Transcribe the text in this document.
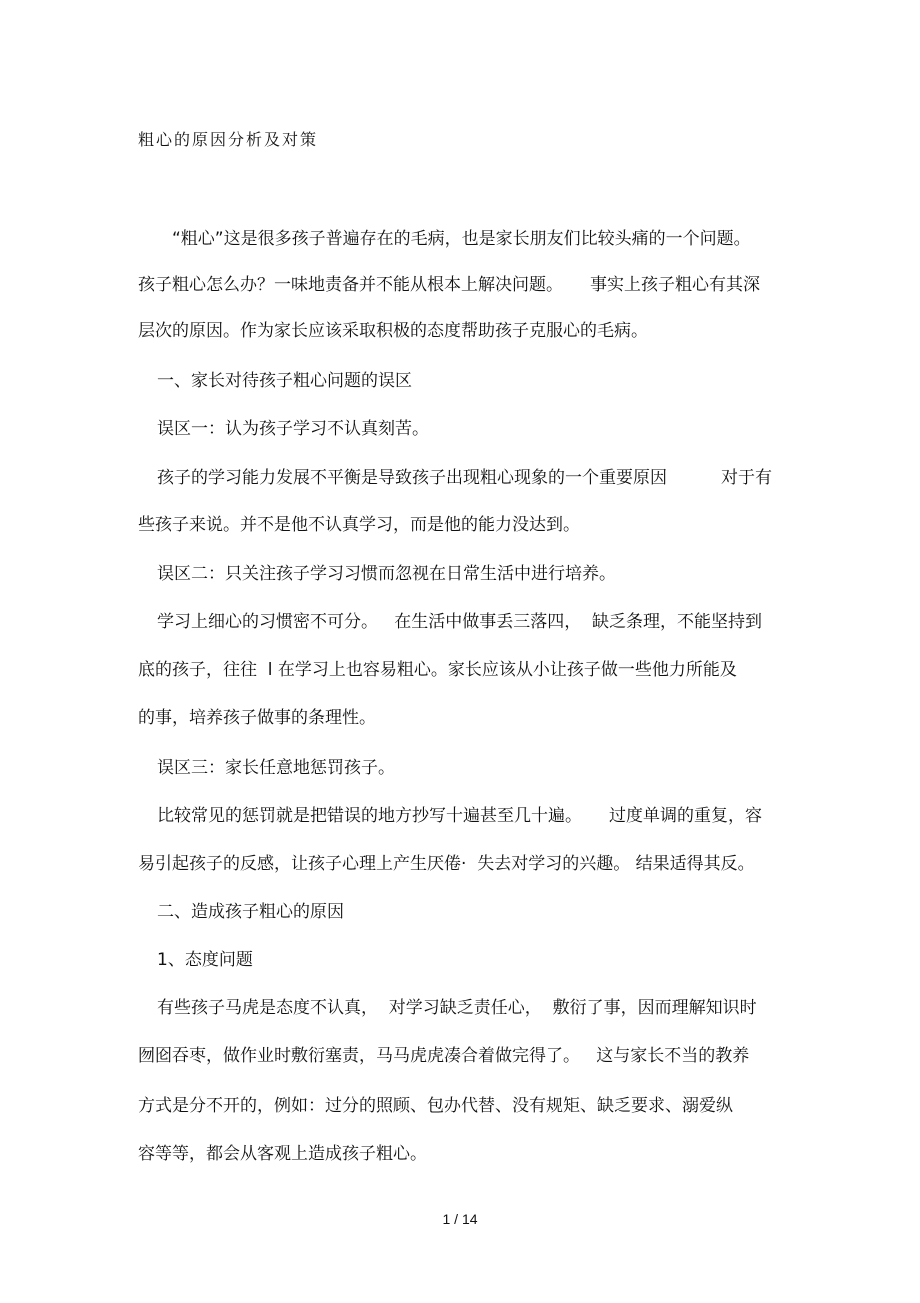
粗心的原因分析及对策
“粗心”这是很多孩子普遍存在的毛病，也是家长朋友们比较头痛的一个问题。
孩子粗心怎么办？一味地责备并不能从根本上解决问题。     事实上孩子粗心有其深
层次的原因。作为家长应该采取积极的态度帮助孩子克服心的毛病。
一、家长对待孩子粗心问题的误区
误区一：认为孩子学习不认真刻苦。
孩子的学习能力发展不平衡是导致孩子出现粗心现象的一个重要原因          对于有
些孩子来说。并不是他不认真学习，而是他的能力没达到。
误区二：只关注孩子学习习惯而忽视在日常生活中进行培养。
学习上细心的习惯密不可分。   在生活中做事丢三落四，  缺乏条理，不能坚持到
底的孩子，往往  l 在学习上也容易粗心。家长应该从小让孩子做一些他力所能及
的事，培养孩子做事的条理性。
误区三：家长任意地惩罚孩子。
比较常见的惩罚就是把错误的地方抄写十遍甚至几十遍。     过度单调的重复，容
易引起孩子的反感，让孩子心理上产生厌倦·  失去对学习的兴趣。 结果适得其反。
二、造成孩子粗心的原因
1、态度问题
有些孩子马虎是态度不认真，  对学习缺乏责任心，  敷衍了事，因而理解知识时
囫囵吞枣，做作业时敷衍塞责，马马虎虎凑合着做完得了。   这与家长不当的教养
方式是分不开的，例如：过分的照顾、包办代替、没有规矩、缺乏要求、溺爱纵
容等等，都会从客观上造成孩子粗心。
1 / 14
